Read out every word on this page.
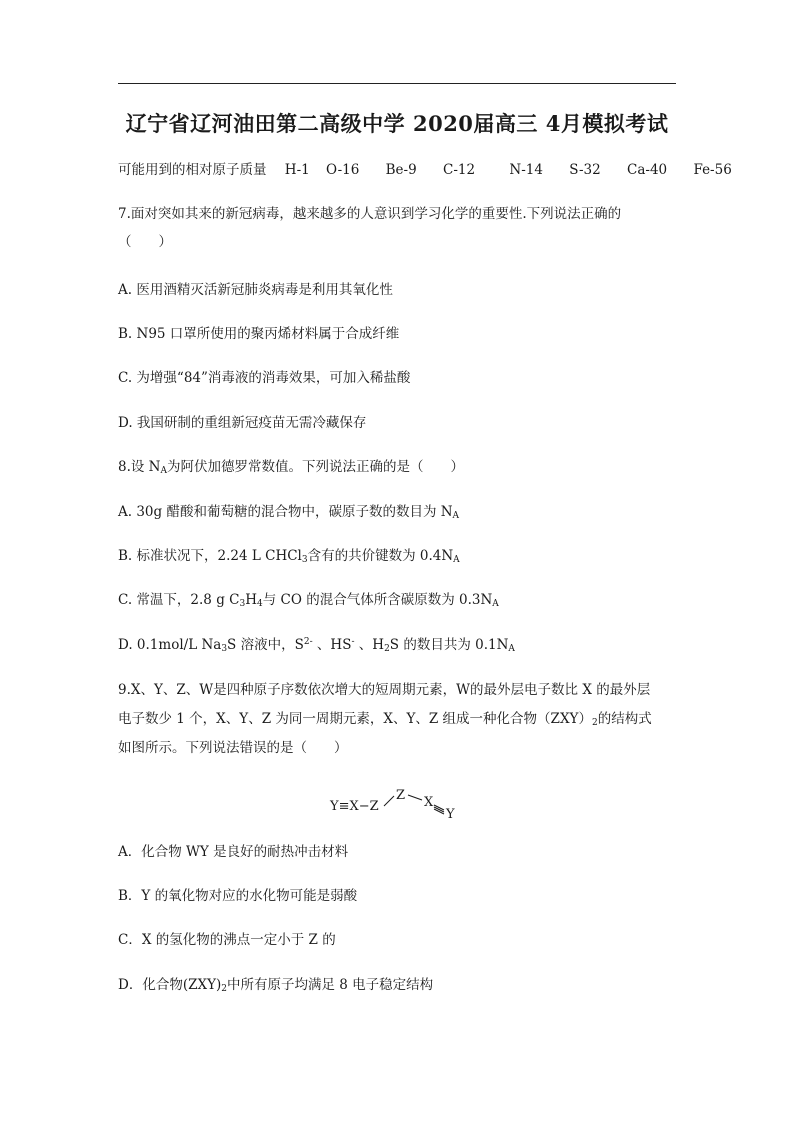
辽宁省辽河油田第二高级中学 2020届高三 4月模拟考试
可能用到的相对原子质量 H-1 O-16 Be-9 C-12	N-14 S-32 Ca-40 Fe-56
7.面对突如其来的新冠病毒，越来越多的人意识到学习化学的重要性.下列说法正确的
（　　）
A. 医用酒精灭活新冠肺炎病毒是利用其氧化性
B. N95 口罩所使用的聚丙烯材料属于合成纤维
C. 为增强“84”消毒液的消毒效果，可加入稀盐酸
D. 我国研制的重组新冠疫苗无需冷藏保存
8.设 $N_A$为阿伏加德罗常数值。下列说法正确的是（　　）
A. 30g 醋酸和葡萄糖的混合物中，碳原子数的数目为 $N_A$
B. 标准状况下，2.24 L CHCl$_3$含有的共价键数为 $0.4N_A$
C. 常温下，2.8 g $C_3H_4$与 CO 的混合气体所含碳原数为 $0.3N_A$
D. 0.1mol/L $Na_3S$ 溶液中，$S^{2-}$ 、HS- 、$H_2S$ 的数目共为 $0.1N_A$
9.X、Y、Z、W是四种原子序数依次增大的短周期元素，W的最外层电子数比 X 的最外层
电子数少 1 个，X、Y、Z 为同一周期元素，X、Y、Z 组成一种化合物$(ZXY)_2$的结构式
如图所示。下列说法错误的是（　　）
Y≡X−Z
Z X
Y
A．化合物 WY 是良好的耐热冲击材料
B．Y 的氧化物对应的水化物可能是弱酸
C．X 的氢化物的沸点一定小于 Z 的
D．化合物$(ZXY)_2$中所有原子均满足 8 电子稳定结构
